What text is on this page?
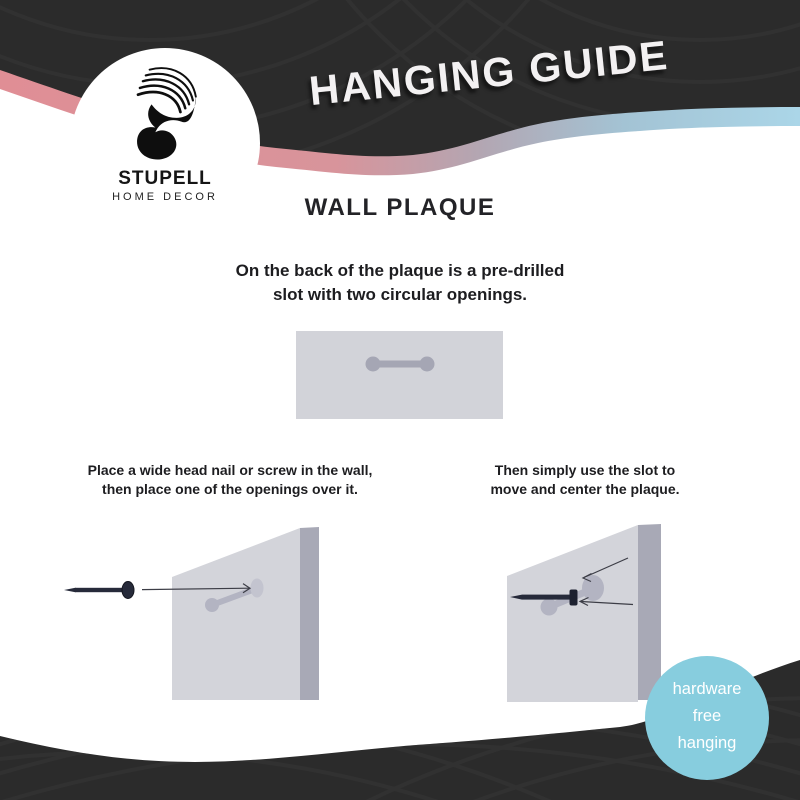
HANGING GUIDE
STUPELL
HOME DECOR	WALL PLAQUE
On the back of the plaque is a pre-drilled
slot with two circular openings.
Place a wide head nail or screw in the wall,
then place one of the openings over it.
Then simply use the slot to
move and center the plaque.
hardware
free
hanging
